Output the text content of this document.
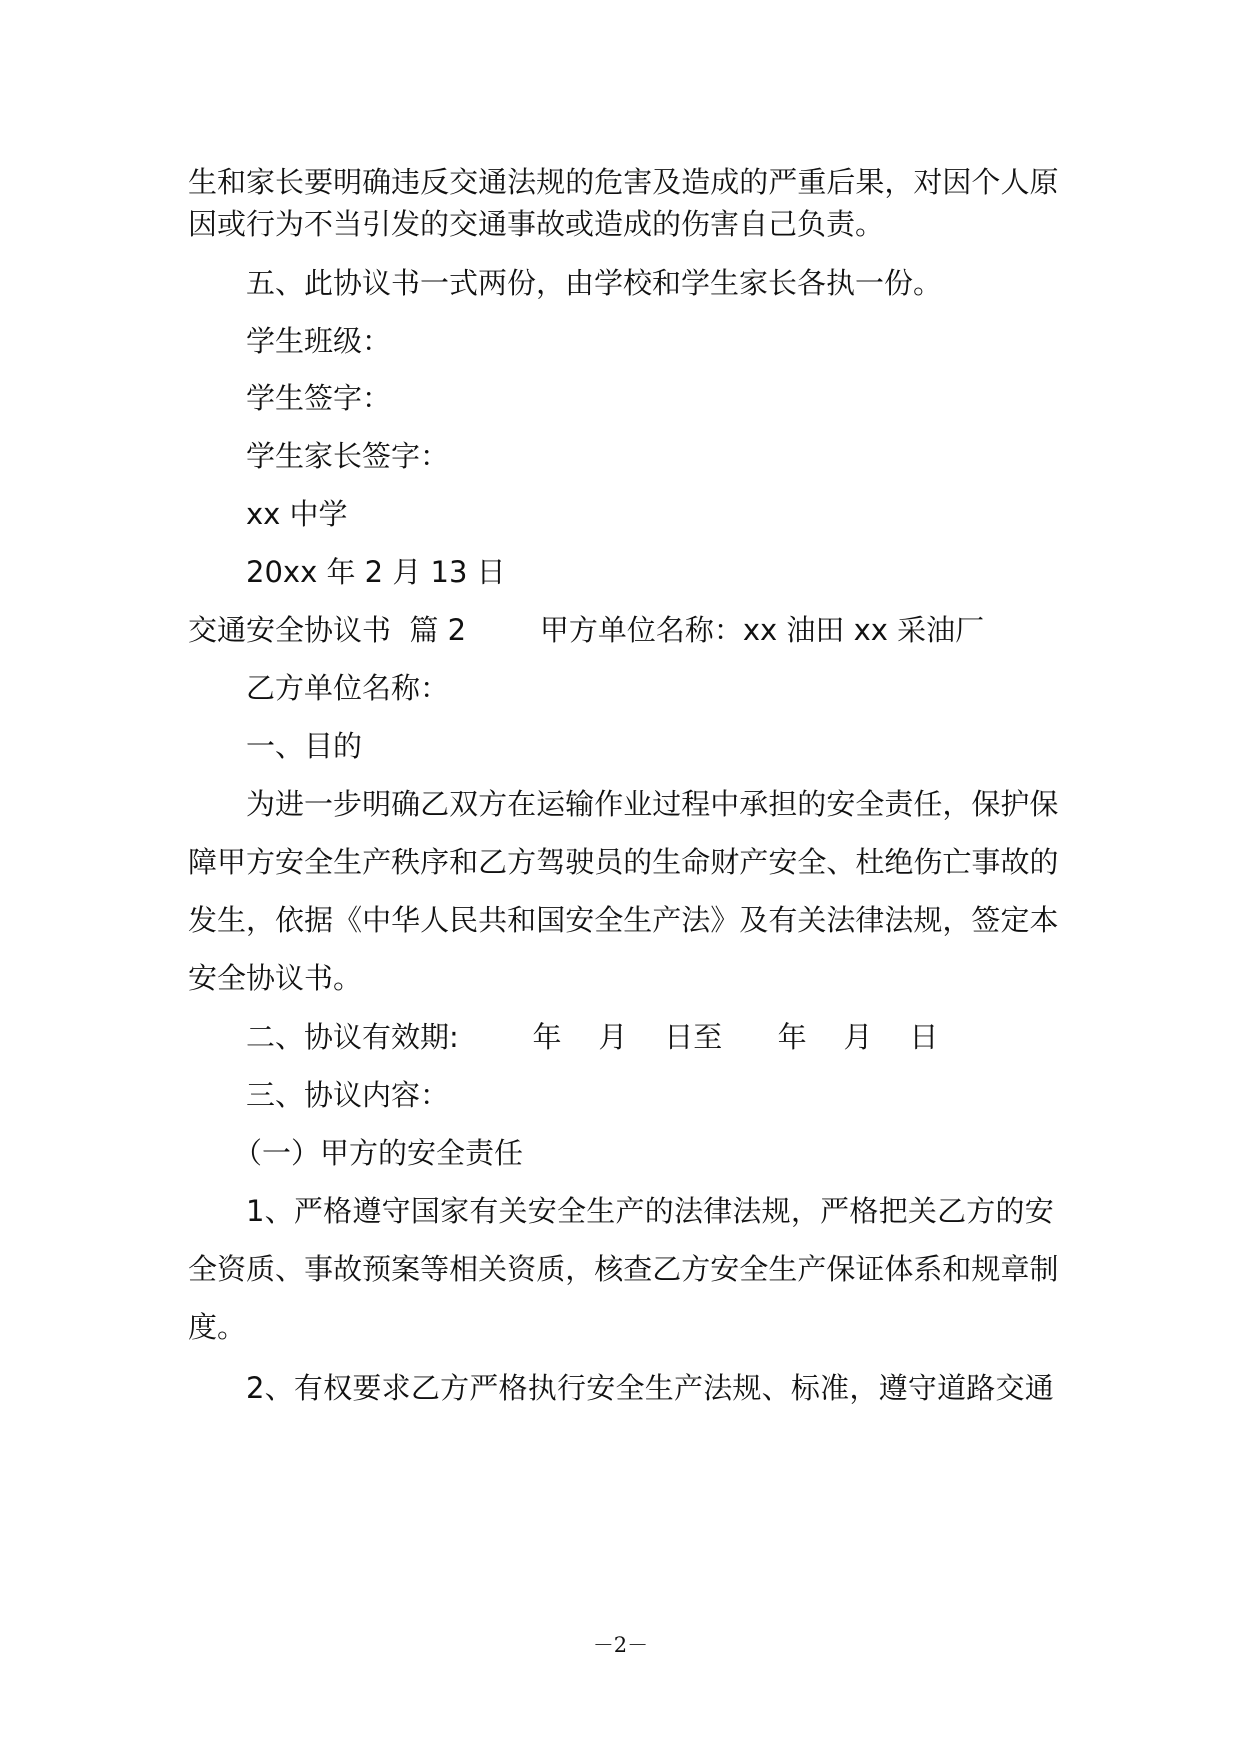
生 和 家 长 要 明 确 违 反 交 通 法 规 的 危 害 及 造 成 的 严 重 后 果 ， 对 因 个 人 原
因或行为不当引发的交通事故或造成的伤害自己负责。
五、此协议书一式两份，由学校和学生家长各执一份。
学生班级：
学生签字：
学生家长签字：
xx 中学
20xx 年 2 月 13 日
交通安全协议书  篇 2        甲方单位名称：xx 油田 xx 采油厂
乙方单位名称：
一、目的
为 进 一 步 明 确 乙 双 方 在 运 输 作 业 过 程 中 承 担 的 安 全 责 任 ， 保 护 保
障 甲 方 安 全 生 产 秩 序 和 乙 方 驾 驶 员 的 生 命 财 产 安 全 、 杜 绝 伤 亡 事 故 的
发 生 ， 依 据 《 中 华 人 民 共 和 国 安 全 生 产 法 》 及 有 关 法 律 法 规 ， 签 定 本
安全协议书。
二、协议有效期:        年    月    日至      年    月    日
三、协议内容：
（一）甲方的安全责任
1 、 严 格 遵 守 国 家 有 关 安 全 生 产 的 法 律 法 规 ， 严 格 把 关 乙 方 的 安
全 资 质 、 事 故 预 案 等 相 关 资 质 ， 核 查 乙 方 安 全 生 产 保 证 体 系 和 规 章 制
度。
2 、 有 权 要 求 乙 方 严 格 执 行 安 全 生 产 法 规 、 标 准 ， 遵 守 道 路 交 通
－2－
